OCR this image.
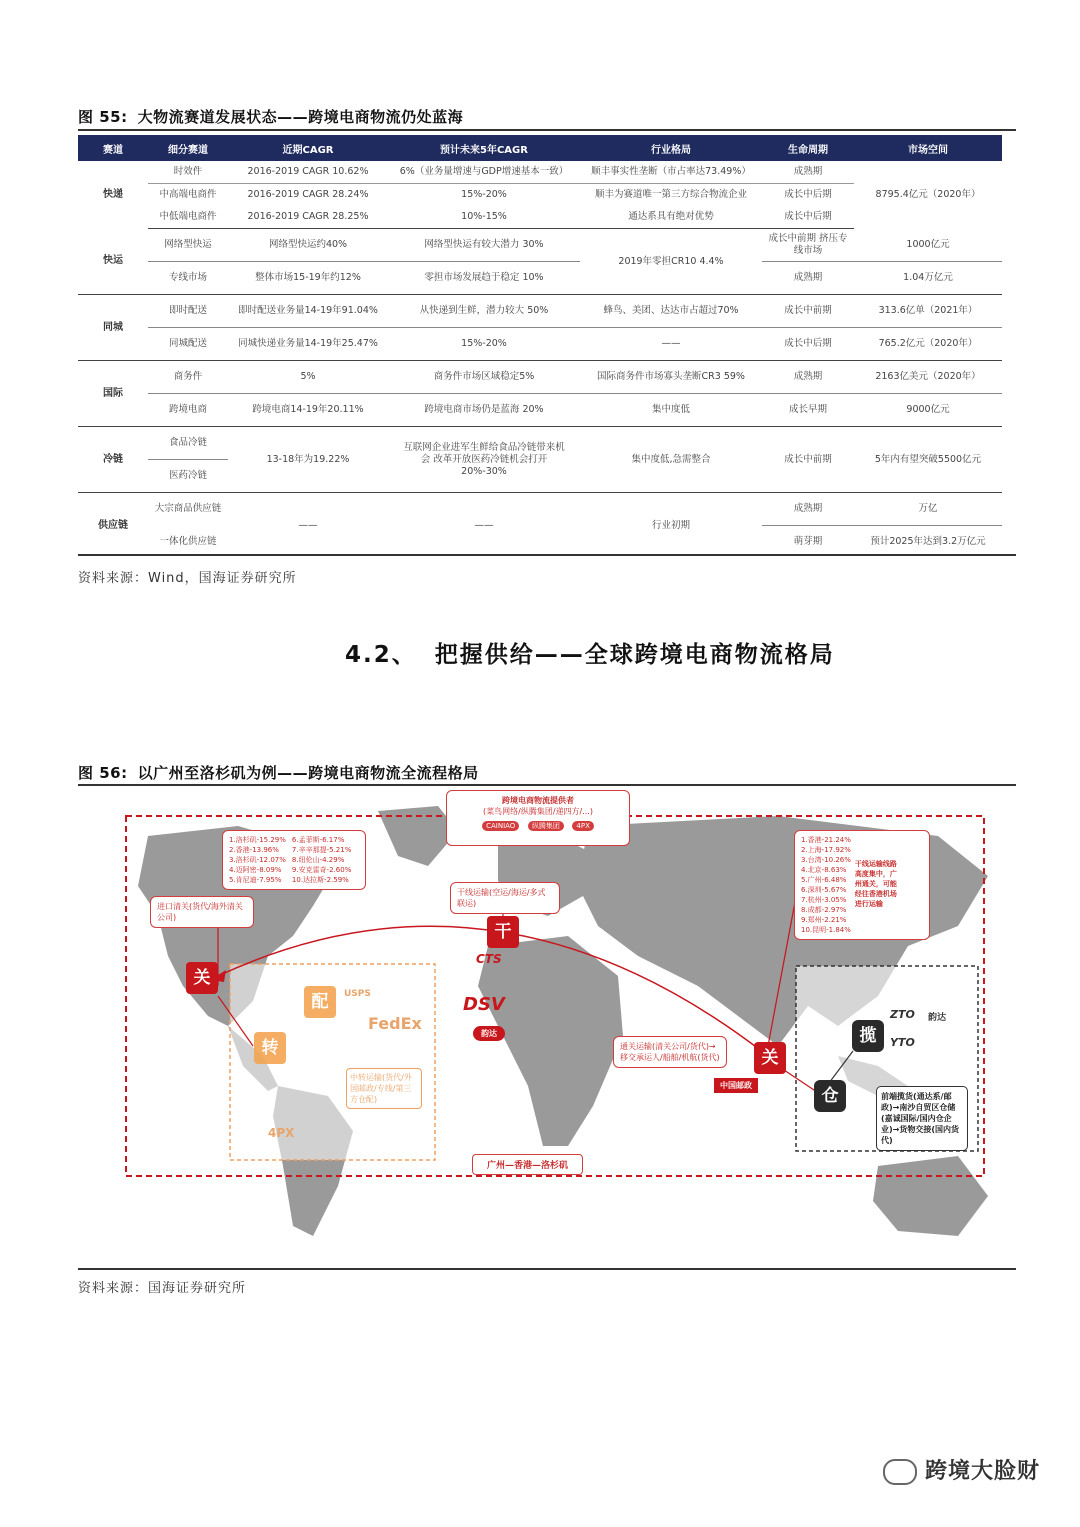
图 55: 大物流赛道发展状态——跨境电商物流仍处蓝海
赛道	细分赛道	近期CAGR	预计未来5年CAGR	行业格局	生命周期	市场空间
快递	时效件	2016-2019 CAGR 10.62%	6%（业务量增速与GDP增速基本一致）	顺丰事实性垄断（市占率达73.49%）	成熟期	8795.4亿元（2020年）
	中高端电商件	2016-2019 CAGR 28.24%	15%-20%	顺丰为赛道唯一第三方综合物流企业	成长中后期	
	中低端电商件	2016-2019 CAGR 28.25%	10%-15%	通达系具有绝对优势	成长中后期	
快运	网络型快运	网络型快运约40%	网络型快运有较大潜力 30%	2019年零担CR10 4.4%	成长中前期 挤压专线市场	1000亿元
	专线市场	整体市场15-19年约12%	零担市场发展趋于稳定 10%		成熟期	1.04万亿元
同城	即时配送	即时配送业务量14-19年91.04%	从快递到生鲜，潜力较大 50%	蜂鸟、美团、达达市占超过70%	成长中前期	313.6亿单（2021年）
	同城配送	同城快递业务量14-19年25.47%	15%-20%	——	成长中后期	765.2亿元（2020年）
国际	商务件	5%	商务件市场区域稳定5%	国际商务件市场寡头垄断CR3 59%	成熟期	2163亿美元（2020年）
	跨境电商	跨境电商14-19年20.11%	跨境电商市场仍是蓝海 20%	集中度低	成长早期	9000亿元
冷链	食品冷链	13-18年为19.22%	互联网企业进军生鲜给食品冷链带来机会 改革开放医药冷链机会打开 20%-30%	集中度低,急需整合	成长中前期	5年内有望突破5500亿元
	医药冷链					
供应链	大宗商品供应链	——	——	行业初期	成熟期	万亿
	一体化供应链				萌芽期	预计2025年达到3.2万亿元
资料来源：Wind，国海证券研究所
4.2、 把握供给——全球跨境电商物流格局
图 56: 以广州至洛杉矶为例——跨境电商物流全流程格局
跨境电商物流提供者
(菜鸟网络/纵腾集团/递四方/...)
CAINIAO 纵腾集团 4PX
1.洛杉矶-15.29%
2.香港-13.96%
3.洛杉矶-12.07%
4.迈阿密-8.09%
5.肯尼迪-7.95%
6.孟菲斯-6.17%
7.辛辛那提-5.21%
8.纽伦山-4.29%
9.安克雷奇-2.60%
10.达拉斯-2.59%
进口清关(货代/海外清关公司)
关
配	USPS
FedEx
转
中转运输(货代/外国邮政/专线/第三方仓配)
4PX
干线运输(空运/海运/多式联运)
干
CTS
DSV
韵达
1.香港-21.24%
2.上海-17.92%
3.台湾-10.26%
4.北京-8.63%
5.广州-6.48%
6.深圳-5.67%
7.杭州-3.05%
8.成都-2.97%
9.郑州-2.21%
10.昆明-1.84%
干线运输线路高度集中，广州通关，可能经往香港机场进行运输
通关运输(清关公司/货代)→移交承运人/船舶/机航(货代)
中国邮政
关
揽
ZTO
YTO
韵达
仓	前端揽货(通达系/邮政)→南沙自贸区仓储(嘉诚国际/国内仓企业)→货物交接(国内货代)
广州—香港—洛杉矶
资料来源：国海证券研究所
跨境大脸财
